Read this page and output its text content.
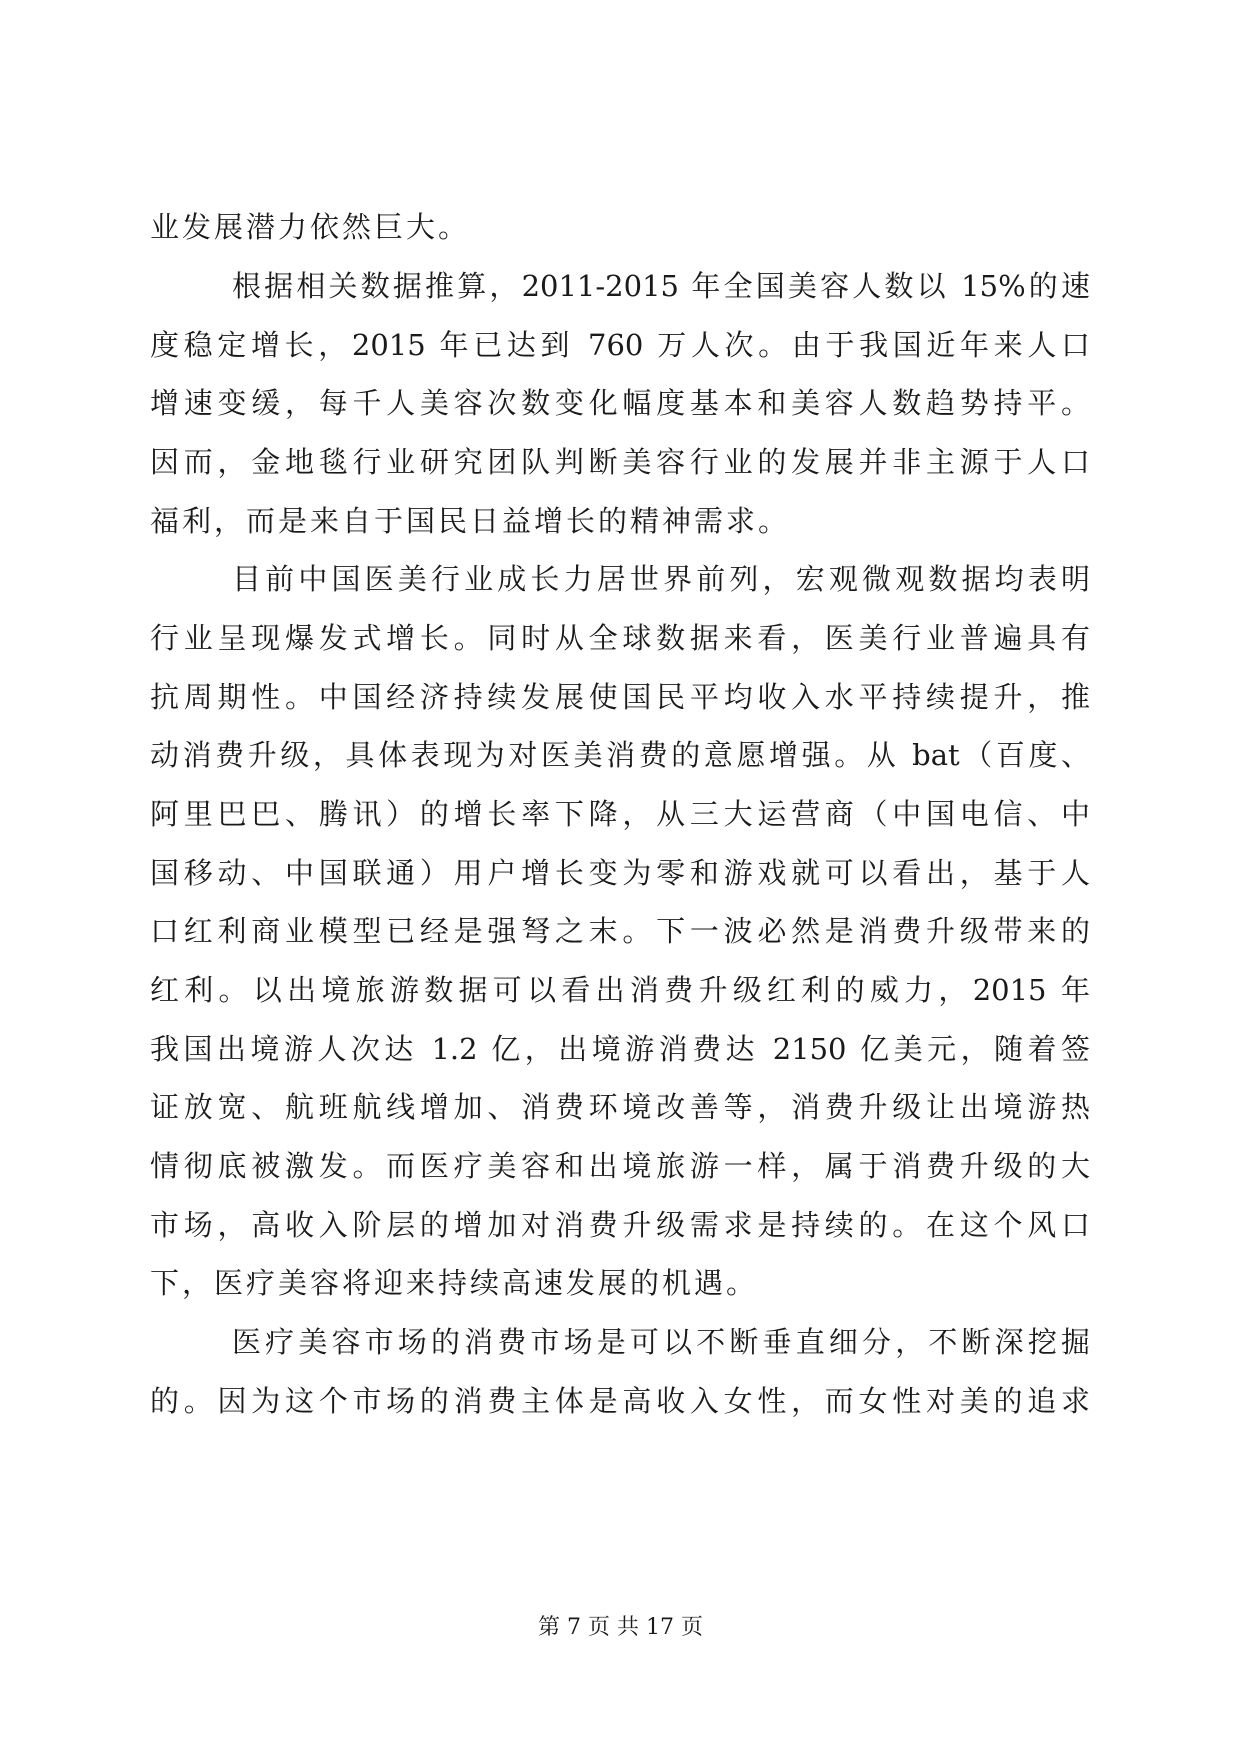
业发展潜力依然巨大。
根据相关数据推算，2011-2015 年全国美容人数以 15%的速
度稳定增长，2015 年已达到 760 万人次。由于我国近年来人口
增速变缓，每千人美容次数变化幅度基本和美容人数趋势持平。
因而，金地毯行业研究团队判断美容行业的发展并非主源于人口
福利，而是来自于国民日益增长的精神需求。
目前中国医美行业成长力居世界前列，宏观微观数据均表明
行业呈现爆发式增长。同时从全球数据来看，医美行业普遍具有
抗周期性。中国经济持续发展使国民平均收入水平持续提升，推
动消费升级，具体表现为对医美消费的意愿增强。从 bat（百度、
阿里巴巴、腾讯）的增长率下降，从三大运营商（中国电信、中
国移动、中国联通）用户增长变为零和游戏就可以看出，基于人
口红利商业模型已经是强弩之末。下一波必然是消费升级带来的
红利。以出境旅游数据可以看出消费升级红利的威力，2015 年
我国出境游人次达 1.2 亿，出境游消费达 2150 亿美元，随着签
证放宽、航班航线增加、消费环境改善等，消费升级让出境游热
情彻底被激发。而医疗美容和出境旅游一样，属于消费升级的大
市场，高收入阶层的增加对消费升级需求是持续的。在这个风口
下，医疗美容将迎来持续高速发展的机遇。
医疗美容市场的消费市场是可以不断垂直细分，不断深挖掘
的。因为这个市场的消费主体是高收入女性，而女性对美的追求
第 7 页 共 17 页
